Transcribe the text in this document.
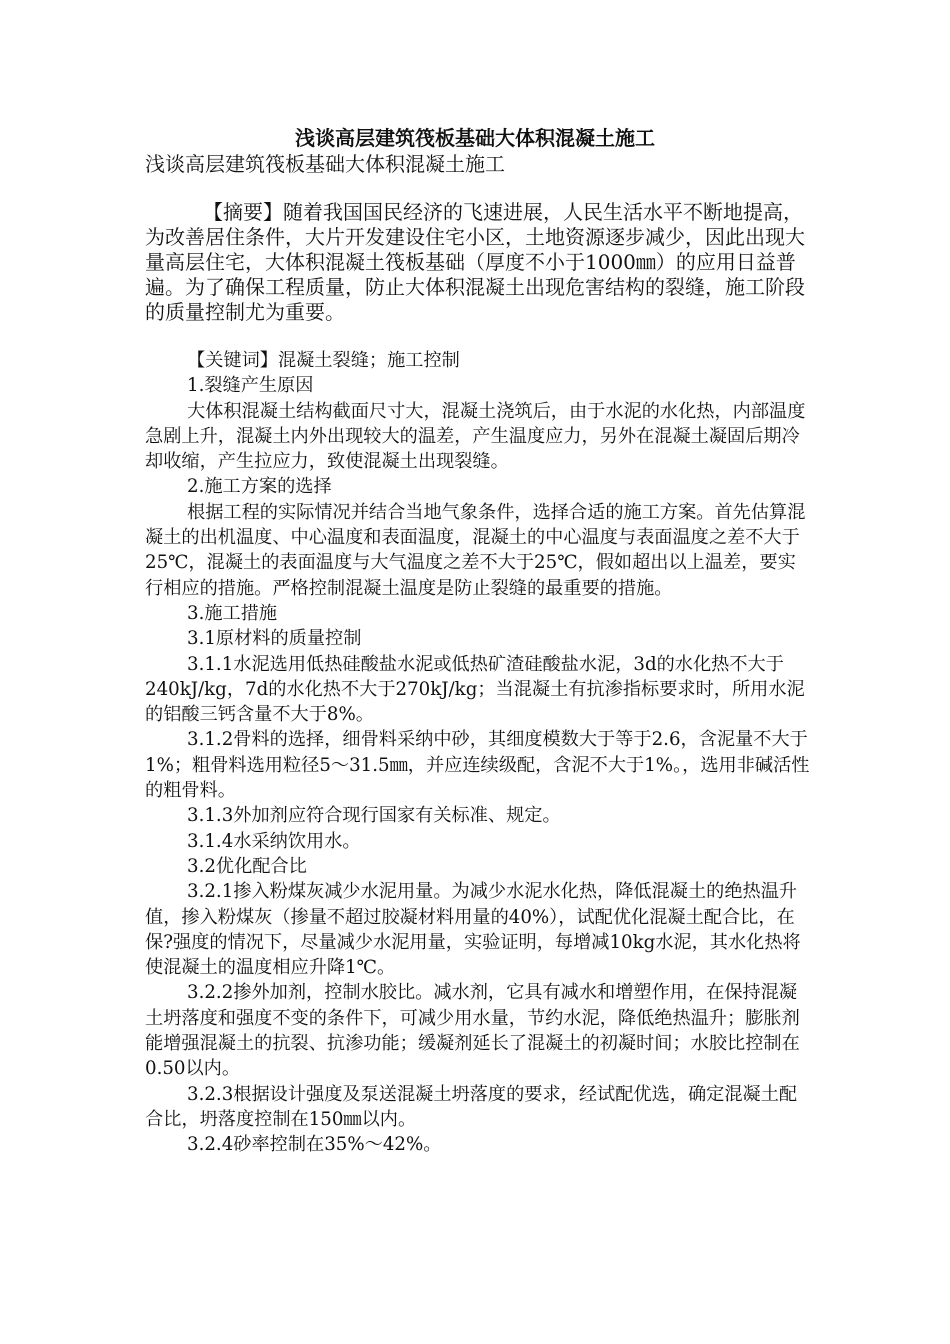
浅谈高层建筑筏板基础大体积混凝土施工
浅谈高层建筑筏板基础大体积混凝土施工

【摘要】随着我国国民经济的飞速进展，人民生活水平不断地提高，为改善居住条件，大片开发建设住宅小区，土地资源逐步减少，因此出现大量高层住宅，大体积混凝土筏板基础（厚度不小于1000㎜）的应用日益普遍。为了确保工程质量，防止大体积混凝土出现危害结构的裂缝，施工阶段的质量控制尤为重要。

【关键词】混凝土裂缝；施工控制

1.裂缝产生原因

大体积混凝土结构截面尺寸大，混凝土浇筑后，由于水泥的水化热，内部温度急剧上升，混凝土内外出现较大的温差，产生温度应力，另外在混凝土凝固后期冷却收缩，产生拉应力，致使混凝土出现裂缝。

2.施工方案的选择

根据工程的实际情况并结合当地气象条件，选择合适的施工方案。首先估算混凝土的出机温度、中心温度和表面温度，混凝土的中心温度与表面温度之差不大于25℃，混凝土的表面温度与大气温度之差不大于25℃，假如超出以上温差，要实行相应的措施。严格控制混凝土温度是防止裂缝的最重要的措施。

3.施工措施

3.1原材料的质量控制

3.1.1水泥选用低热硅酸盐水泥或低热矿渣硅酸盐水泥，3d的水化热不大于240kJ/kg，7d的水化热不大于270kJ/kg；当混凝土有抗渗指标要求时，所用水泥的铝酸三钙含量不大于8%。

3.1.2骨料的选择，细骨料采纳中砂，其细度模数大于等于2.6，含泥量不大于1%；粗骨料选用粒径5～31.5㎜，并应连续级配，含泥不大于1%。，选用非碱活性的粗骨料。

3.1.3外加剂应符合现行国家有关标准、规定。

3.1.4水采纳饮用水。

3.2优化配合比

3.2.1掺入粉煤灰减少水泥用量。为减少水泥水化热，降低混凝土的绝热温升值，掺入粉煤灰（掺量不超过胶凝材料用量的40%），试配优化混凝土配合比，在保?强度的情况下，尽量减少水泥用量，实验证明，每增减10kg水泥，其水化热将使混凝土的温度相应升降1℃。

3.2.2掺外加剂，控制水胶比。减水剂，它具有减水和增塑作用，在保持混凝土坍落度和强度不变的条件下，可减少用水量，节约水泥，降低绝热温升；膨胀剂能增强混凝土的抗裂、抗渗功能；缓凝剂延长了混凝土的初凝时间；水胶比控制在0.50以内。

3.2.3根据设计强度及泵送混凝土坍落度的要求，经试配优选，确定混凝土配合比，坍落度控制在150㎜以内。

3.2.4砂率控制在35%～42%。
